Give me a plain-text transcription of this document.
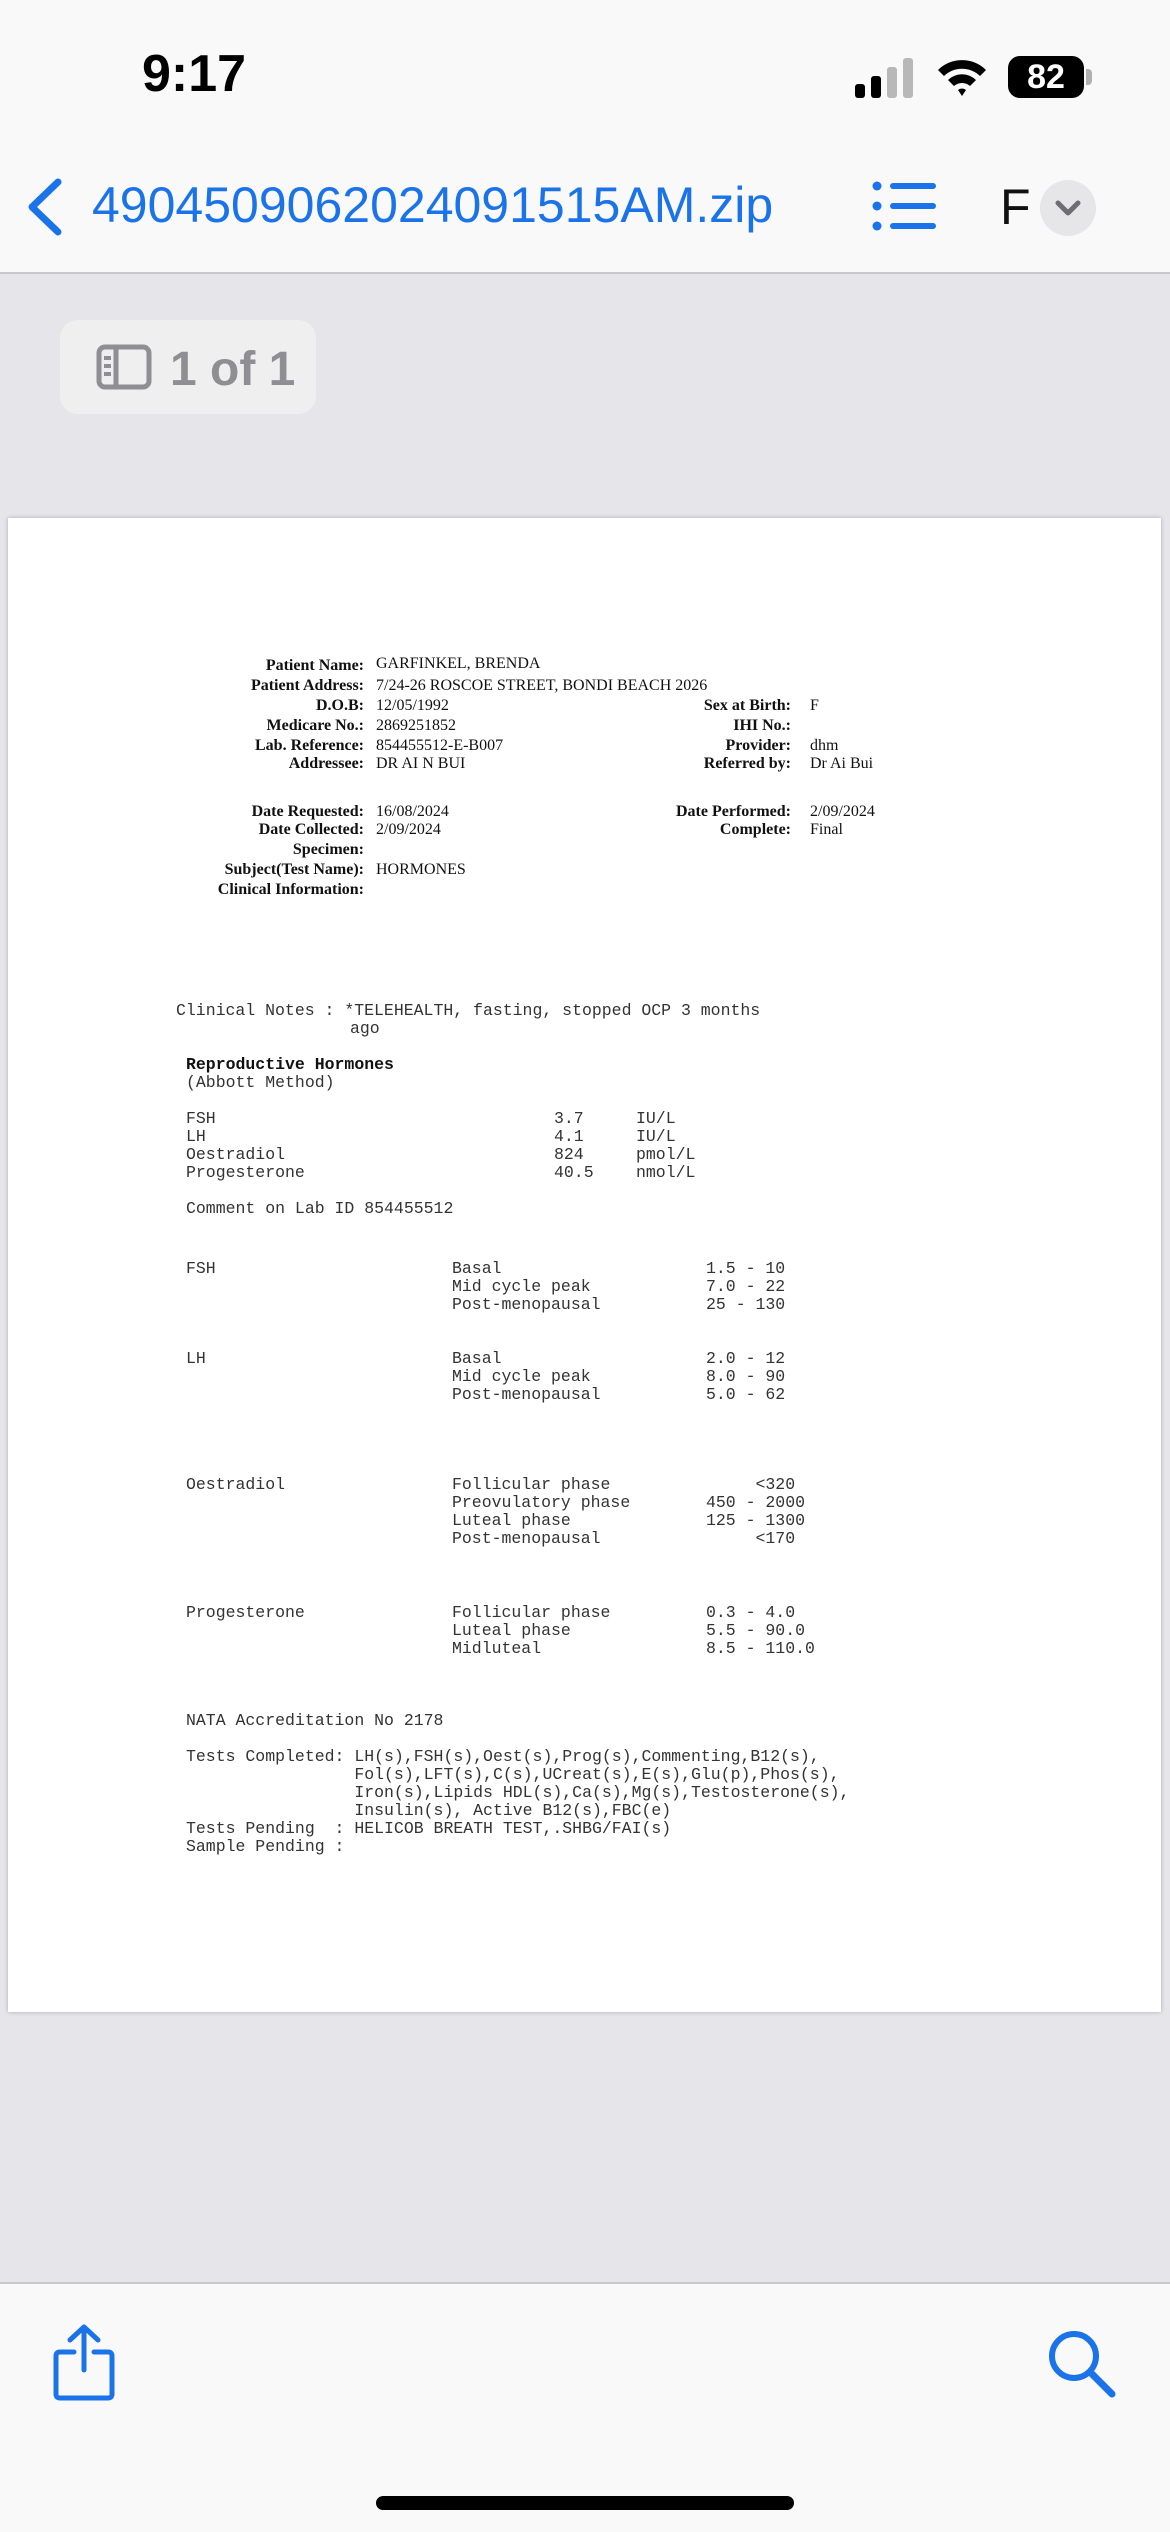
9:17	82
4904509062024091515AM.zip	F
1 of 1
Patient Name: GARFINKEL, BRENDA
Patient Address: 7/24-26 ROSCOE STREET, BONDI BEACH 2026
D.O.B: 12/05/1992
Medicare No.: 2869251852
Lab. Reference: 854455512-E-B007
Addressee: DR AI N BUI
Sex at Birth: F
IHI No.:
Provider: dhm
Referred by: Dr Ai Bui
Date Requested: 16/08/2024
Date Collected: 2/09/2024
Specimen:
Subject(Test Name): HORMONES
Clinical Information:
Date Performed: 2/09/2024
Complete: Final
Clinical Notes : *TELEHEALTH, fasting, stopped OCP 3 months
ago
Reproductive Hormones
(Abbott Method)
FSH	3.7	IU/L
LH	4.1	IU/L
Oestradiol	824	pmol/L
Progesterone	40.5	nmol/L
Comment on Lab ID 854455512
FSH	Basal	1.5 - 10
Mid cycle peak	7.0 - 22
Post-menopausal	25 - 130
LH	Basal	2.0 - 12
Mid cycle peak	8.0 - 90
Post-menopausal	5.0 - 62
Oestradiol	Follicular phase	<320
Preovulatory phase	450 - 2000
Luteal phase	125 - 1300
Post-menopausal	<170
Progesterone	Follicular phase	0.3 - 4.0
Luteal phase	5.5 - 90.0
Midluteal	8.5 - 110.0
NATA Accreditation No 2178
Tests Completed: LH(s),FSH(s),Oest(s),Prog(s),Commenting,B12(s),
Fol(s),LFT(s),C(s),UCreat(s),E(s),Glu(p),Phos(s),
Iron(s),Lipids HDL(s),Ca(s),Mg(s),Testosterone(s),
Insulin(s), Active B12(s),FBC(e)
Tests Pending  : HELICOB BREATH TEST,.SHBG/FAI(s)
Sample Pending :
